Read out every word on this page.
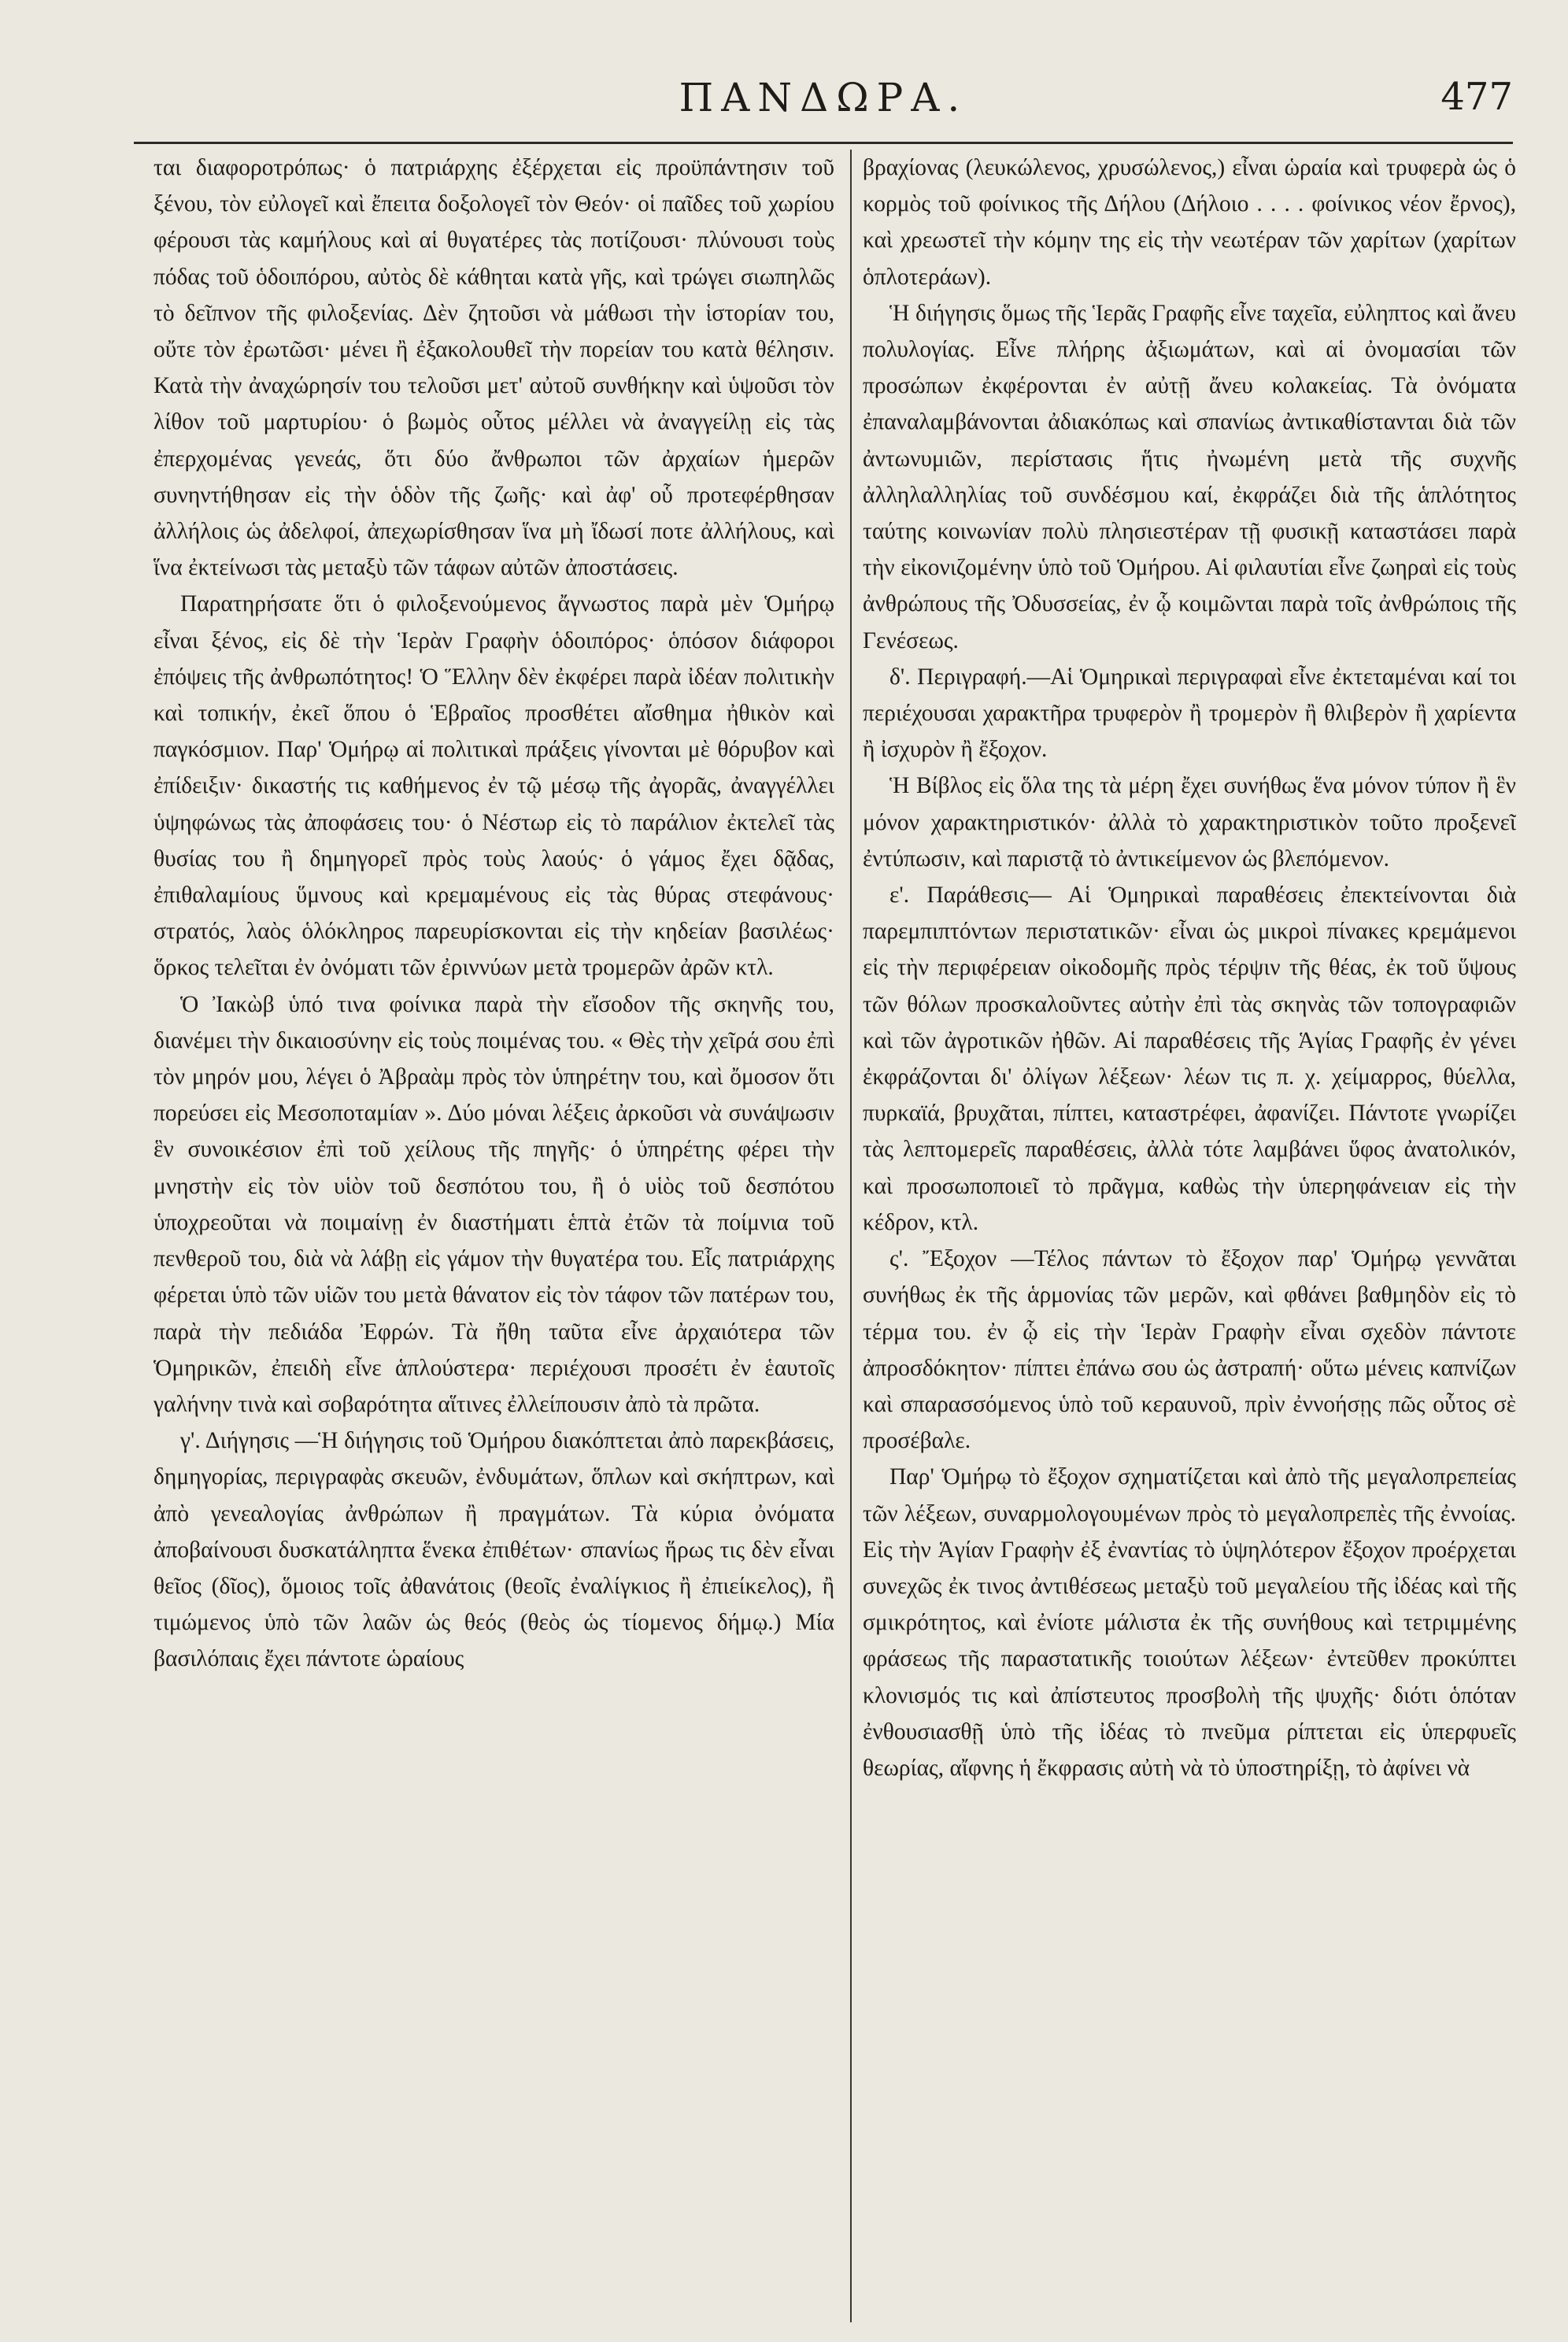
ΠΑΝΔΩΡΑ.	477

ται διαφοροτρόπως· ὁ πατριάρχης ἐξέρχεται εἰς προϋπάντησιν τοῦ ξένου, τὸν εὐλογεῖ καὶ ἔπειτα δοξολογεῖ τὸν Θεόν· οἱ παῖδες τοῦ χωρίου φέρουσι τὰς καμήλους καὶ αἱ θυγατέρες τὰς ποτίζουσι· πλύνουσι τοὺς πόδας τοῦ ὁδοιπόρου, αὐτὸς δὲ κάθηται κατὰ γῆς, καὶ τρώγει σιωπηλῶς τὸ δεῖπνον τῆς φιλοξενίας. Δὲν ζητοῦσι νὰ μάθωσι τὴν ἱστορίαν του, οὔτε τὸν ἐρωτῶσι· μένει ἢ ἐξακολουθεῖ τὴν πορείαν του κατὰ θέλησιν. Κατὰ τὴν ἀναχώρησίν του τελοῦσι μετ' αὐτοῦ συνθήκην καὶ ὑψοῦσι τὸν λίθον τοῦ μαρτυρίου· ὁ βωμὸς οὗτος μέλλει νὰ ἀναγγείλῃ εἰς τὰς ἐπερχομένας γενεάς, ὅτι δύο ἄνθρωποι τῶν ἀρχαίων ἡμερῶν συνηντήθησαν εἰς τὴν ὁδὸν τῆς ζωῆς· καὶ ἀφ' οὗ προτεφέρθησαν ἀλλήλοις ὡς ἀδελφοί, ἀπεχωρίσθησαν ἵνα μὴ ἴδωσί ποτε ἀλλήλους, καὶ ἵνα ἐκτείνωσι τὰς μεταξὺ τῶν τάφων αὐτῶν ἀποστάσεις.

Παρατηρήσατε ὅτι ὁ φιλοξενούμενος ἄγνωστος παρὰ μὲν Ὁμήρῳ εἶναι ξένος, εἰς δὲ τὴν Ἱερὰν Γραφὴν ὁδοιπόρος· ὁπόσον διάφοροι ἐπόψεις τῆς ἀνθρωπότητος! Ὁ Ἕλλην δὲν ἐκφέρει παρὰ ἰδέαν πολιτικὴν καὶ τοπικήν, ἐκεῖ ὅπου ὁ Ἑβραῖος προσθέτει αἴσθημα ἠθικὸν καὶ παγκόσμιον. Παρ' Ὁμήρῳ αἱ πολιτικαὶ πράξεις γίνονται μὲ θόρυβον καὶ ἐπίδειξιν· δικαστής τις καθήμενος ἐν τῷ μέσῳ τῆς ἀγορᾶς, ἀναγγέλλει ὑψηφώνως τὰς ἀποφάσεις του· ὁ Νέστωρ εἰς τὸ παράλιον ἐκτελεῖ τὰς θυσίας του ἢ δημηγορεῖ πρὸς τοὺς λαούς· ὁ γάμος ἔχει δᾷδας, ἐπιθαλαμίους ὕμνους καὶ κρεμαμένους εἰς τὰς θύρας στεφάνους· στρατός, λαὸς ὁλόκληρος παρευρίσκονται εἰς τὴν κηδείαν βασιλέως· ὅρκος τελεῖται ἐν ὀνόματι τῶν ἐριννύων μετὰ τρομερῶν ἀρῶν κτλ.

Ὁ Ἰακὼβ ὑπό τινα φοίνικα παρὰ τὴν εἴσοδον τῆς σκηνῆς του, διανέμει τὴν δικαιοσύνην εἰς τοὺς ποιμένας του. « Θὲς τὴν χεῖρά σου ἐπὶ τὸν μηρόν μου, λέγει ὁ Ἀβραὰμ πρὸς τὸν ὑπηρέτην του, καὶ ὄμοσον ὅτι πορεύσει εἰς Μεσοποταμίαν ». Δύο μόναι λέξεις ἀρκοῦσι νὰ συνάψωσιν ἓν συνοικέσιον ἐπὶ τοῦ χείλους τῆς πηγῆς· ὁ ὑπηρέτης φέρει τὴν μνηστὴν εἰς τὸν υἱὸν τοῦ δεσπότου του, ἢ ὁ υἱὸς τοῦ δεσπότου ὑποχρεοῦται νὰ ποιμαίνῃ ἐν διαστήματι ἑπτὰ ἐτῶν τὰ ποίμνια τοῦ πενθεροῦ του, διὰ νὰ λάβῃ εἰς γάμον τὴν θυγατέρα του. Εἷς πατριάρχης φέρεται ὑπὸ τῶν υἱῶν του μετὰ θάνατον εἰς τὸν τάφον τῶν πατέρων του, παρὰ τὴν πεδιάδα Ἐφρών. Τὰ ἤθη ταῦτα εἶνε ἀρχαιότερα τῶν Ὁμηρικῶν, ἐπειδὴ εἶνε ἁπλούστερα· περιέχουσι προσέτι ἐν ἑαυτοῖς γαλήνην τινὰ καὶ σοβαρότητα αἵτινες ἐλλείπουσιν ἀπὸ τὰ πρῶτα.

γ'. Διήγησις —Ἡ διήγησις τοῦ Ὁμήρου διακόπτεται ἀπὸ παρεκβάσεις, δημηγορίας, περιγραφὰς σκευῶν, ἐνδυμάτων, ὅπλων καὶ σκήπτρων, καὶ ἀπὸ γενεαλογίας ἀνθρώπων ἢ πραγμάτων. Τὰ κύρια ὀνόματα ἀποβαίνουσι δυσκατάληπτα ἕνεκα ἐπιθέτων· σπανίως ἥρως τις δὲν εἶναι θεῖος (δῖος), ὅμοιος τοῖς ἀθανάτοις (θεοῖς ἐναλίγκιος ἢ ἐπιείκελος), ἢ τιμώμενος ὑπὸ τῶν λαῶν ὡς θεός (θεὸς ὡς τίομενος δήμῳ.) Μία βασιλόπαις ἔχει πάντοτε ὡραίους

βραχίονας (λευκώλενος, χρυσώλενος,) εἶναι ὡραία καὶ τρυφερὰ ὡς ὁ κορμὸς τοῦ φοίνικος τῆς Δήλου (Δήλοιο . . . . φοίνικος νέον ἔρνος), καὶ χρεωστεῖ τὴν κόμην της εἰς τὴν νεωτέραν τῶν χαρίτων (χαρίτων ὁπλοτεράων).

Ἡ διήγησις ὅμως τῆς Ἱερᾶς Γραφῆς εἶνε ταχεῖα, εὐληπτος καὶ ἄνευ πολυλογίας. Εἶνε πλήρης ἀξιωμάτων, καὶ αἱ ὀνομασίαι τῶν προσώπων ἐκφέρονται ἐν αὐτῇ ἄνευ κολακείας. Τὰ ὀνόματα ἐπαναλαμβάνονται ἀδιακόπως καὶ σπανίως ἀντικαθίστανται διὰ τῶν ἀντωνυμιῶν, περίστασις ἥτις ἠνωμένη μετὰ τῆς συχνῆς ἀλληλαλληλίας τοῦ συνδέσμου καί, ἐκφράζει διὰ τῆς ἁπλότητος ταύτης κοινωνίαν πολὺ πλησιεστέραν τῇ φυσικῇ καταστάσει παρὰ τὴν εἰκονιζομένην ὑπὸ τοῦ Ὁμήρου. Αἱ φιλαυτίαι εἶνε ζωηραὶ εἰς τοὺς ἀνθρώπους τῆς Ὀδυσσείας, ἐν ᾧ κοιμῶνται παρὰ τοῖς ἀνθρώποις τῆς Γενέσεως.

δ'. Περιγραφή.—Αἱ Ὁμηρικαὶ περιγραφαὶ εἶνε ἐκτεταμέναι καί τοι περιέχουσαι χαρακτῆρα τρυφερὸν ἢ τρομερὸν ἢ θλιβερὸν ἢ χαρίεντα ἢ ἰσχυρὸν ἢ ἔξοχον.

Ἡ Βίβλος εἰς ὅλα της τὰ μέρη ἔχει συνήθως ἕνα μόνον τύπον ἢ ἓν μόνον χαρακτηριστικόν· ἀλλὰ τὸ χαρακτηριστικὸν τοῦτο προξενεῖ ἐντύπωσιν, καὶ παριστᾷ τὸ ἀντικείμενον ὡς βλεπόμενον.

ε'. Παράθεσις— Αἱ Ὁμηρικαὶ παραθέσεις ἐπεκτείνονται διὰ παρεμπιπτόντων περιστατικῶν· εἶναι ὡς μικροὶ πίνακες κρεμάμενοι εἰς τὴν περιφέρειαν οἰκοδομῆς πρὸς τέρψιν τῆς θέας, ἐκ τοῦ ὕψους τῶν θόλων προσκαλοῦντες αὐτὴν ἐπὶ τὰς σκηνὰς τῶν τοπογραφιῶν καὶ τῶν ἀγροτικῶν ἠθῶν. Αἱ παραθέσεις τῆς Ἁγίας Γραφῆς ἐν γένει ἐκφράζονται δι' ὀλίγων λέξεων· λέων τις π. χ. χείμαρρος, θύελλα, πυρκαϊά, βρυχᾶται, πίπτει, καταστρέφει, ἀφανίζει. Πάντοτε γνωρίζει τὰς λεπτομερεῖς παραθέσεις, ἀλλὰ τότε λαμβάνει ὕφος ἀνατολικόν, καὶ προσωποποιεῖ τὸ πρᾶγμα, καθὼς τὴν ὑπερηφάνειαν εἰς τὴν κέδρον, κτλ.

ς'. Ἔξοχον —Τέλος πάντων τὸ ἔξοχον παρ' Ὁμήρῳ γεννᾶται συνήθως ἐκ τῆς ἁρμονίας τῶν μερῶν, καὶ φθάνει βαθμηδὸν εἰς τὸ τέρμα του. ἐν ᾧ εἰς τὴν Ἱερὰν Γραφὴν εἶναι σχεδὸν πάντοτε ἀπροσδόκητον· πίπτει ἐπάνω σου ὡς ἀστραπή· οὕτω μένεις καπνίζων καὶ σπαρασσόμενος ὑπὸ τοῦ κεραυνοῦ, πρὶν ἐννοήσῃς πῶς οὗτος σὲ προσέβαλε.

Παρ' Ὁμήρῳ τὸ ἔξοχον σχηματίζεται καὶ ἀπὸ τῆς μεγαλοπρεπείας τῶν λέξεων, συναρμολογουμένων πρὸς τὸ μεγαλοπρεπὲς τῆς ἐννοίας. Εἰς τὴν Ἁγίαν Γραφὴν ἐξ ἐναντίας τὸ ὑψηλότερον ἔξοχον προέρχεται συνεχῶς ἐκ τινος ἀντιθέσεως μεταξὺ τοῦ μεγαλείου τῆς ἰδέας καὶ τῆς σμικρότητος, καὶ ἐνίοτε μάλιστα ἐκ τῆς συνήθους καὶ τετριμμένης φράσεως τῆς παραστατικῆς τοιούτων λέξεων· ἐντεῦθεν προκύπτει κλονισμός τις καὶ ἀπίστευτος προσβολὴ τῆς ψυχῆς· διότι ὁπόταν ἐνθουσιασθῇ ὑπὸ τῆς ἰδέας τὸ πνεῦμα ρίπτεται εἰς ὑπερφυεῖς θεωρίας, αἴφνης ἡ ἔκφρασις αὐτὴ νὰ τὸ ὑποστηρίξῃ, τὸ ἀφίνει νὰ
